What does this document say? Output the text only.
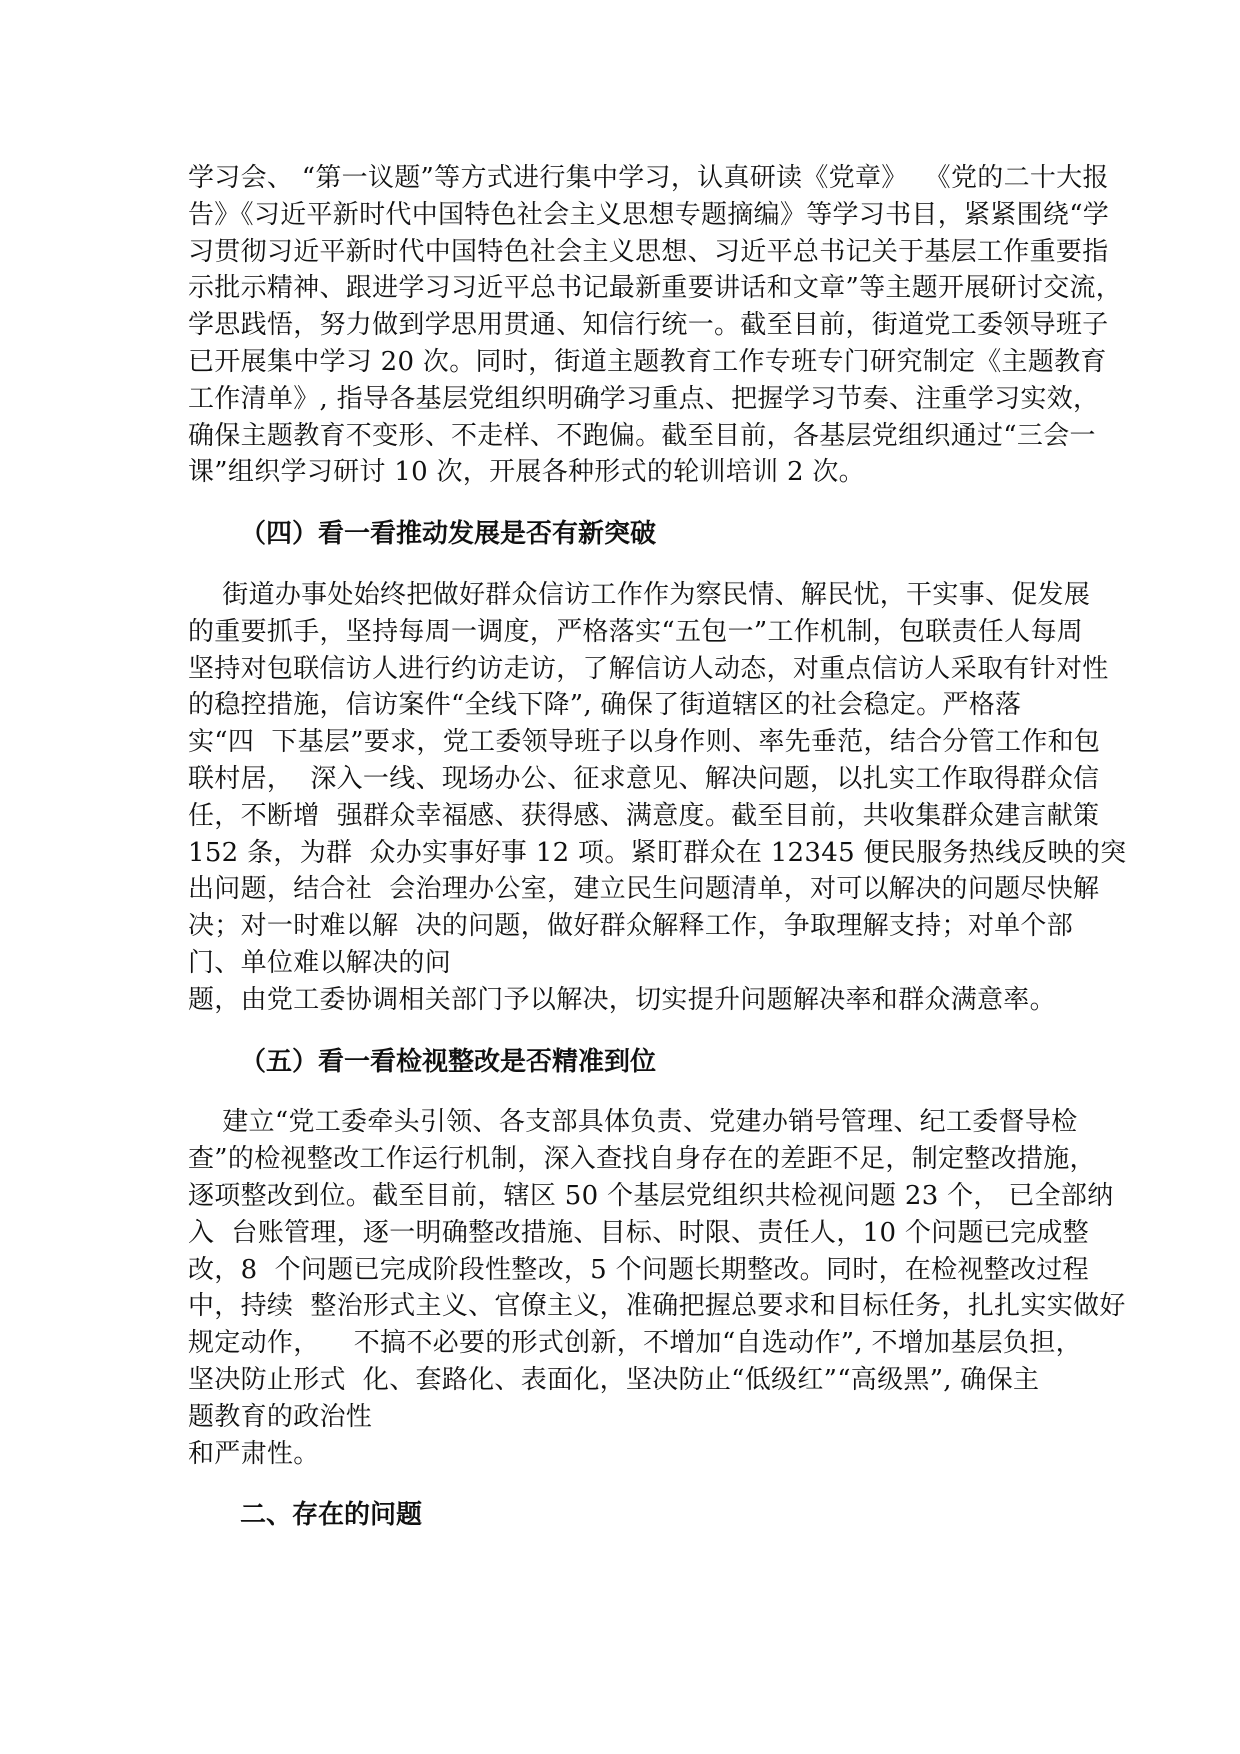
学习会、 “第一议题”等方式进行集中学习，认真研读《党章》  《党的二十大报
告》《习近平新时代中国特色社会主义思想专题摘编》等学习书目，紧紧围绕“学
习贯彻习近平新时代中国特色社会主义思想、习近平总书记关于基层工作重要指
示批示精神、跟进学习习近平总书记最新重要讲话和文章”等主题开展研讨交流，
学思践悟，努力做到学思用贯通、知信行统一。截至目前，街道党工委领导班子
已开展集中学习 20 次。同时，街道主题教育工作专班专门研究制定《主题教育
工作清单》, 指导各基层党组织明确学习重点、把握学习节奏、注重学习实效，
确保主题教育不变形、不走样、不跑偏。截至目前，各基层党组织通过“三会一
课”组织学习研讨 10 次，开展各种形式的轮训培训 2 次。
（四）看一看推动发展是否有新突破
街道办事处始终把做好群众信访工作作为察民情、解民忧，干实事、促发展
的重要抓手，坚持每周一调度，严格落实“五包一”工作机制，包联责任人每周
坚持对包联信访人进行约访走访，了解信访人动态，对重点信访人采取有针对性
的稳控措施，信访案件“全线下降”, 确保了街道辖区的社会稳定。严格落
实“四  下基层”要求，党工委领导班子以身作则、率先垂范，结合分管工作和包
联村居，  深入一线、现场办公、征求意见、解决问题，以扎实工作取得群众信
任，不断增  强群众幸福感、获得感、满意度。截至目前，共收集群众建言献策
152 条，为群  众办实事好事 12 项。紧盯群众在 12345 便民服务热线反映的突
出问题，结合社  会治理办公室，建立民生问题清单，对可以解决的问题尽快解
决；对一时难以解  决的问题，做好群众解释工作，争取理解支持；对单个部
门、单位难以解决的问
题，由党工委协调相关部门予以解决，切实提升问题解决率和群众满意率。
（五）看一看检视整改是否精准到位
建立“党工委牵头引领、各支部具体负责、党建办销号管理、纪工委督导检
查”的检视整改工作运行机制，深入查找自身存在的差距不足，制定整改措施，
逐项整改到位。截至目前，辖区 50 个基层党组织共检视问题 23 个， 已全部纳
入  台账管理，逐一明确整改措施、目标、时限、责任人，10 个问题已完成整
改，8  个问题已完成阶段性整改，5 个问题长期整改。同时，在检视整改过程
中，持续  整治形式主义、官僚主义，准确把握总要求和目标任务，扎扎实实做好
规定动作，    不搞不必要的形式创新，不增加“自选动作”, 不增加基层负担，
坚决防止形式  化、套路化、表面化，坚决防止“低级红”“高级黑”, 确保主
题教育的政治性
和严肃性。
二、存在的问题
